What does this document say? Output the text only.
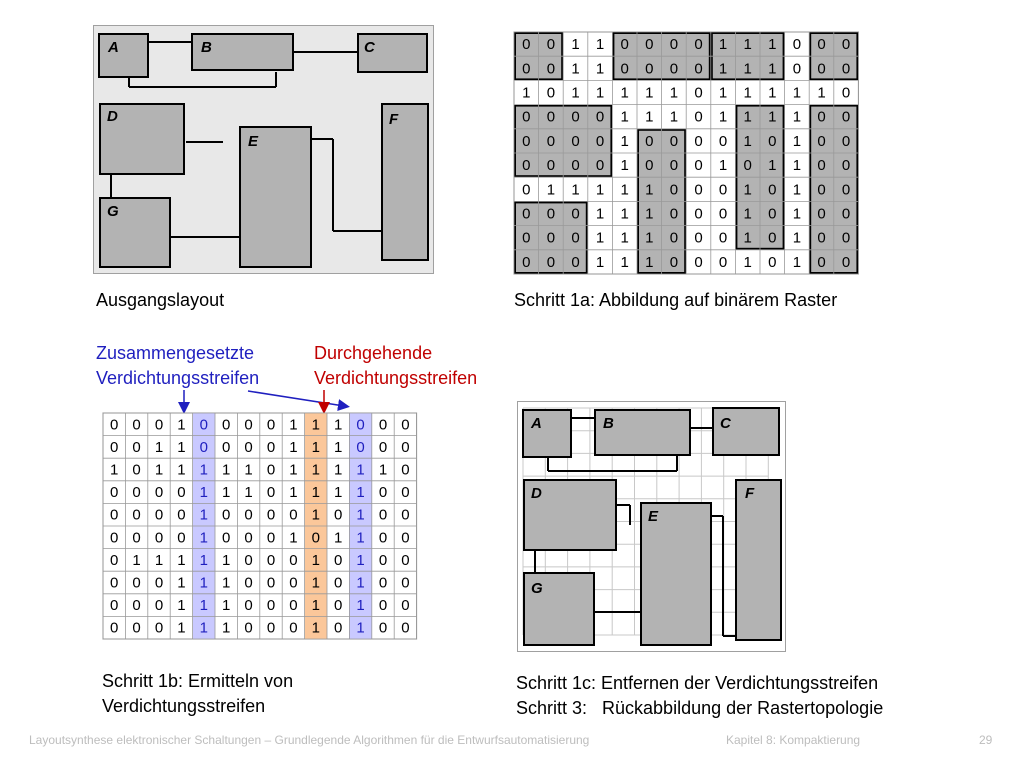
A	B	C
D
E
F
G
Ausgangslayout
0 0 1 1 0 0 0 0 1 1 1 0 0 0
0 0 1 1 0 0 0 0 1 1 1 0 0 0
1 0 1 1 1 1 1 0 1 1 1 1 1 0
0 0 0 0 1 1 1 0 1 1 1 1 0 0
0 0 0 0 1 0 0 0 0 1 0 1 0 0
0 0 0 0 1 0 0 0 1 0 1 1 0 0
0 1 1 1 1 1 0 0 0 1 0 1 0 0
0 0 0 1 1 1 0 0 0 1 0 1 0 0
0 0 0 1 1 1 0 0 0 1 0 1 0 0
0 0 0 1 1 1 0 0 0 1 0 1 0 0
Schritt 1a: Abbildung auf binärem Raster
Zusammengesetzte
Verdichtungsstreifen
Durchgehende
Verdichtungsstreifen
0 0 0 1 0 0 0 0 1 1 1 0 0 0
0 0 1 1 0 0 0 0 1 1 1 0 0 0
1 0 1 1 1 1 1 0 1 1 1 1 1 0
0 0 0 0 1 1 1 0 1 1 1 1 0 0
0 0 0 0 1 0 0 0 0 1 0 1 0 0
0 0 0 0 1 0 0 0 1 0 1 1 0 0
0 1 1 1 1 1 0 0 0 1 0 1 0 0
0 0 0 1 1 1 0 0 0 1 0 1 0 0
0 0 0 1 1 1 0 0 0 1 0 1 0 0
0 0 0 1 1 1 0 0 0 1 0 1 0 0
Schritt 1b: Ermitteln von
Verdichtungsstreifen
A	B	C
D
E
F
G
Schritt 1c: Entfernen der Verdichtungsstreifen
Schritt 3:   Rückabbildung der Rastertopologie
Layoutsynthese elektronischer Schaltungen – Grundlegende Algorithmen für die Entwurfsautomatisierung	Kapitel 8: Kompaktierung	29
